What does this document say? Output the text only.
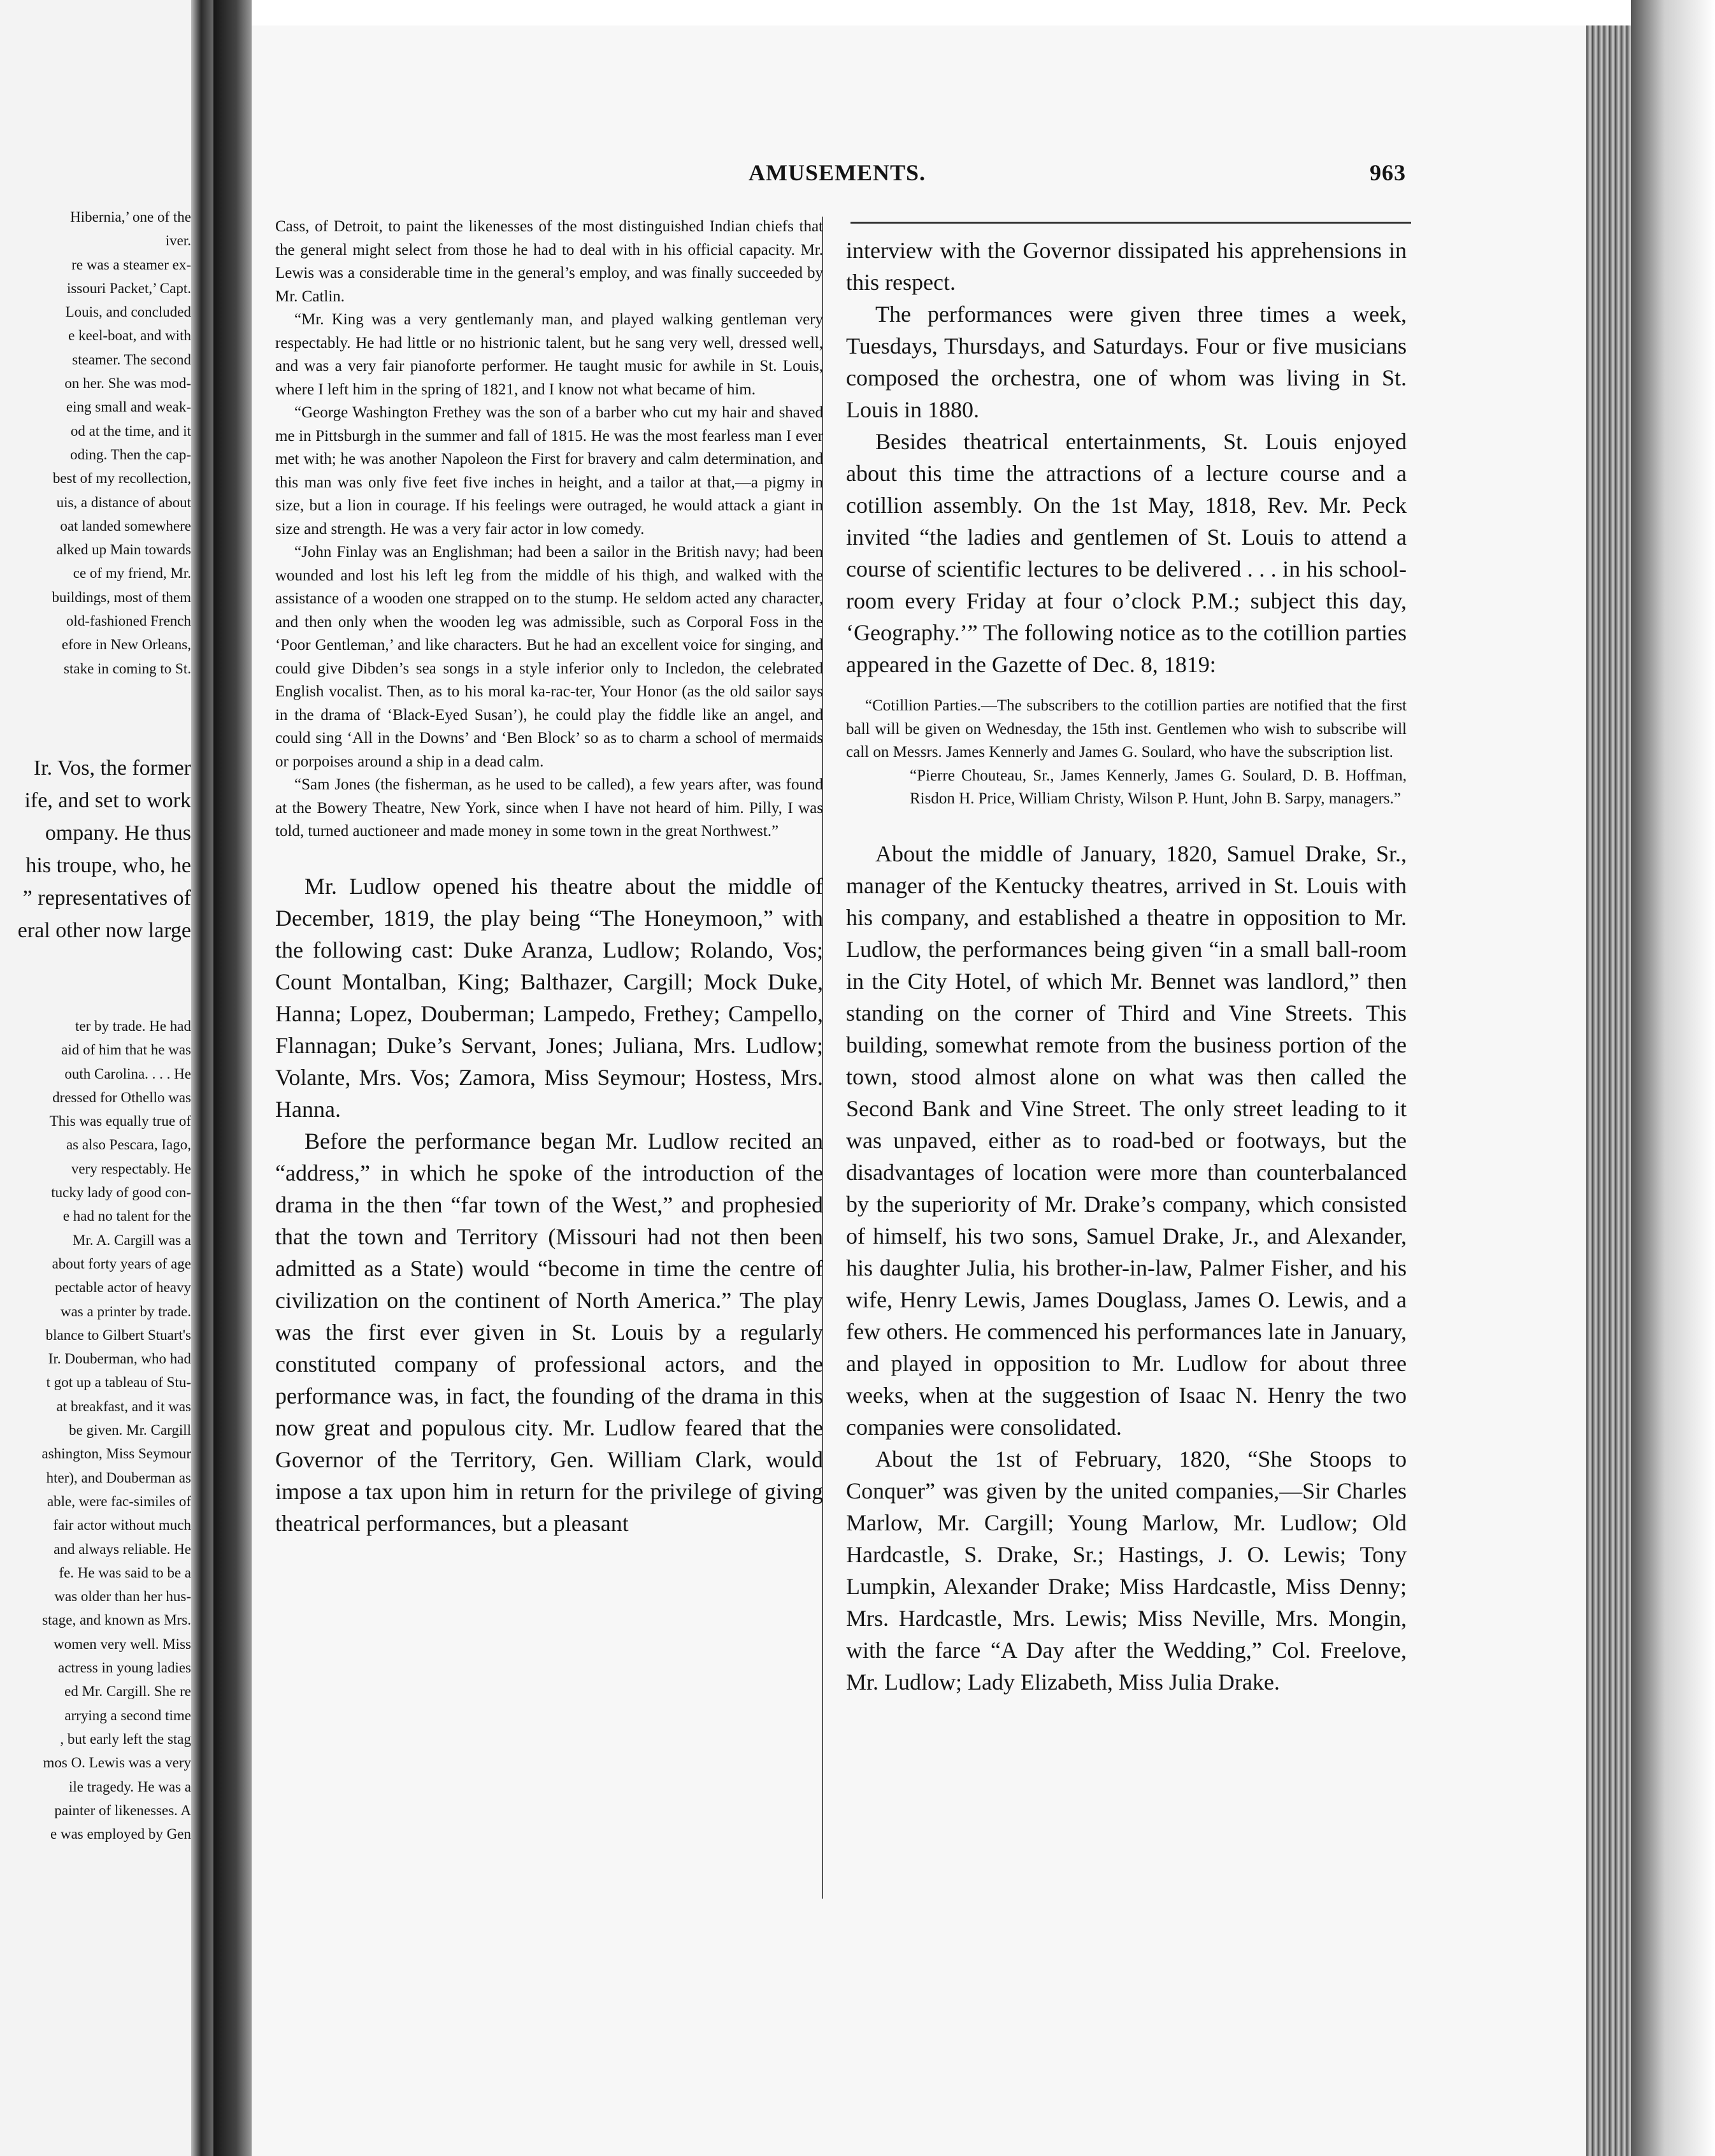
Hibernia,’ one of the

iver.

re was a steamer ex-

issouri Packet,’ Capt.

Louis, and concluded

e keel-boat, and with

steamer. The second

on her. She was mod-

eing small and weak-

od at the time, and it

oding. Then the cap-

best of my recollection,

uis, a distance of about

oat landed somewhere

alked up Main towards

ce of my friend, Mr.

buildings, most of them

old-fashioned French

efore in New Orleans,

stake in coming to St.

Ir. Vos, the former

ife, and set to work

ompany. He thus

his troupe, who, he

” representatives of

eral other now large

ter by trade. He had

aid of him that he was

outh Carolina. . . . He

dressed for Othello was

This was equally true of

as also Pescara, Iago,

very respectably. He

tucky lady of good con-

e had no talent for the

Mr. A. Cargill was a

about forty years of age

pectable actor of heavy

was a printer by trade.

blance to Gilbert Stuart's

Ir. Douberman, who had

t got up a tableau of Stu-

at breakfast, and it was

be given. Mr. Cargill

ashington, Miss Seymour

hter), and Douberman as

able, were fac-similes of

fair actor without much

and always reliable. He

fe. He was said to be a

was older than her hus-

stage, and known as Mrs.

women very well. Miss

actress in young ladies

ed Mr. Cargill. She re

arrying a second time

, but early left the stag

mos O. Lewis was a very

ile tragedy. He was a

painter of likenesses. A

e was employed by Gen

AMUSEMENTS.	963

Cass, of Detroit, to paint the likenesses of the most distinguished Indian chiefs that the general might select from those he had to deal with in his official capacity. Mr. Lewis was a considerable time in the general’s employ, and was finally succeeded by Mr. Catlin.

“Mr. King was a very gentlemanly man, and played walking gentleman very respectably. He had little or no histrionic talent, but he sang very well, dressed well, and was a very fair pianoforte performer. He taught music for awhile in St. Louis, where I left him in the spring of 1821, and I know not what became of him.

“George Washington Frethey was the son of a barber who cut my hair and shaved me in Pittsburgh in the summer and fall of 1815. He was the most fearless man I ever met with; he was another Napoleon the First for bravery and calm determination, and this man was only five feet five inches in height, and a tailor at that,—a pigmy in size, but a lion in courage. If his feelings were outraged, he would attack a giant in size and strength. He was a very fair actor in low comedy.

“John Finlay was an Englishman; had been a sailor in the British navy; had been wounded and lost his left leg from the middle of his thigh, and walked with the assistance of a wooden one strapped on to the stump. He seldom acted any character, and then only when the wooden leg was admissible, such as Corporal Foss in the ‘Poor Gentleman,’ and like characters. But he had an excellent voice for singing, and could give Dibden’s sea songs in a style inferior only to Incledon, the celebrated English vocalist. Then, as to his moral ka-rac-ter, Your Honor (as the old sailor says in the drama of ‘Black-Eyed Susan’), he could play the fiddle like an angel, and could sing ‘All in the Downs’ and ‘Ben Block’ so as to charm a school of mermaids or porpoises around a ship in a dead calm.

“Sam Jones (the fisherman, as he used to be called), a few years after, was found at the Bowery Theatre, New York, since when I have not heard of him. Pilly, I was told, turned auctioneer and made money in some town in the great Northwest.”

Mr. Ludlow opened his theatre about the middle of December, 1819, the play being “The Honeymoon,” with the following cast: Duke Aranza, Ludlow; Rolando, Vos; Count Montalban, King; Balthazer, Cargill; Mock Duke, Hanna; Lopez, Douberman; Lampedo, Frethey; Campello, Flannagan; Duke’s Servant, Jones; Juliana, Mrs. Ludlow; Volante, Mrs. Vos; Zamora, Miss Seymour; Hostess, Mrs. Hanna.

Before the performance began Mr. Ludlow recited an “address,” in which he spoke of the introduction of the drama in the then “far town of the West,” and prophesied that the town and Territory (Missouri had not then been admitted as a State) would “become in time the centre of civilization on the continent of North America.” The play was the first ever given in St. Louis by a regularly constituted company of professional actors, and the performance was, in fact, the founding of the drama in this now great and populous city. Mr. Ludlow feared that the Governor of the Territory, Gen. William Clark, would impose a tax upon him in return for the privilege of giving theatrical performances, but a pleasant

interview with the Governor dissipated his apprehensions in this respect.

The performances were given three times a week, Tuesdays, Thursdays, and Saturdays. Four or five musicians composed the orchestra, one of whom was living in St. Louis in 1880.

Besides theatrical entertainments, St. Louis enjoyed about this time the attractions of a lecture course and a cotillion assembly. On the 1st May, 1818, Rev. Mr. Peck invited “the ladies and gentlemen of St. Louis to attend a course of scientific lectures to be delivered . . . in his school-room every Friday at four o’clock P.M.; subject this day, ‘Geography.’” The following notice as to the cotillion parties appeared in the Gazette of Dec. 8, 1819:

“Cotillion Parties.—The subscribers to the cotillion parties are notified that the first ball will be given on Wednesday, the 15th inst. Gentlemen who wish to subscribe will call on Messrs. James Kennerly and James G. Soulard, who have the subscription list.

“Pierre Chouteau, Sr., James Kennerly, James G. Soulard, D. B. Hoffman, Risdon H. Price, William Christy, Wilson P. Hunt, John B. Sarpy, managers.”

About the middle of January, 1820, Samuel Drake, Sr., manager of the Kentucky theatres, arrived in St. Louis with his company, and established a theatre in opposition to Mr. Ludlow, the performances being given “in a small ball-room in the City Hotel, of which Mr. Bennet was landlord,” then standing on the corner of Third and Vine Streets. This building, somewhat remote from the business portion of the town, stood almost alone on what was then called the Second Bank and Vine Street. The only street leading to it was unpaved, either as to road-bed or footways, but the disadvantages of location were more than counterbalanced by the superiority of Mr. Drake’s company, which consisted of himself, his two sons, Samuel Drake, Jr., and Alexander, his daughter Julia, his brother-in-law, Palmer Fisher, and his wife, Henry Lewis, James Douglass, James O. Lewis, and a few others. He commenced his performances late in January, and played in opposition to Mr. Ludlow for about three weeks, when at the suggestion of Isaac N. Henry the two companies were consolidated.

About the 1st of February, 1820, “She Stoops to Conquer” was given by the united companies,—Sir Charles Marlow, Mr. Cargill; Young Marlow, Mr. Ludlow; Old Hardcastle, S. Drake, Sr.; Hastings, J. O. Lewis; Tony Lumpkin, Alexander Drake; Miss Hardcastle, Miss Denny; Mrs. Hardcastle, Mrs. Lewis; Miss Neville, Mrs. Mongin, with the farce “A Day after the Wedding,” Col. Freelove, Mr. Ludlow; Lady Elizabeth, Miss Julia Drake.
